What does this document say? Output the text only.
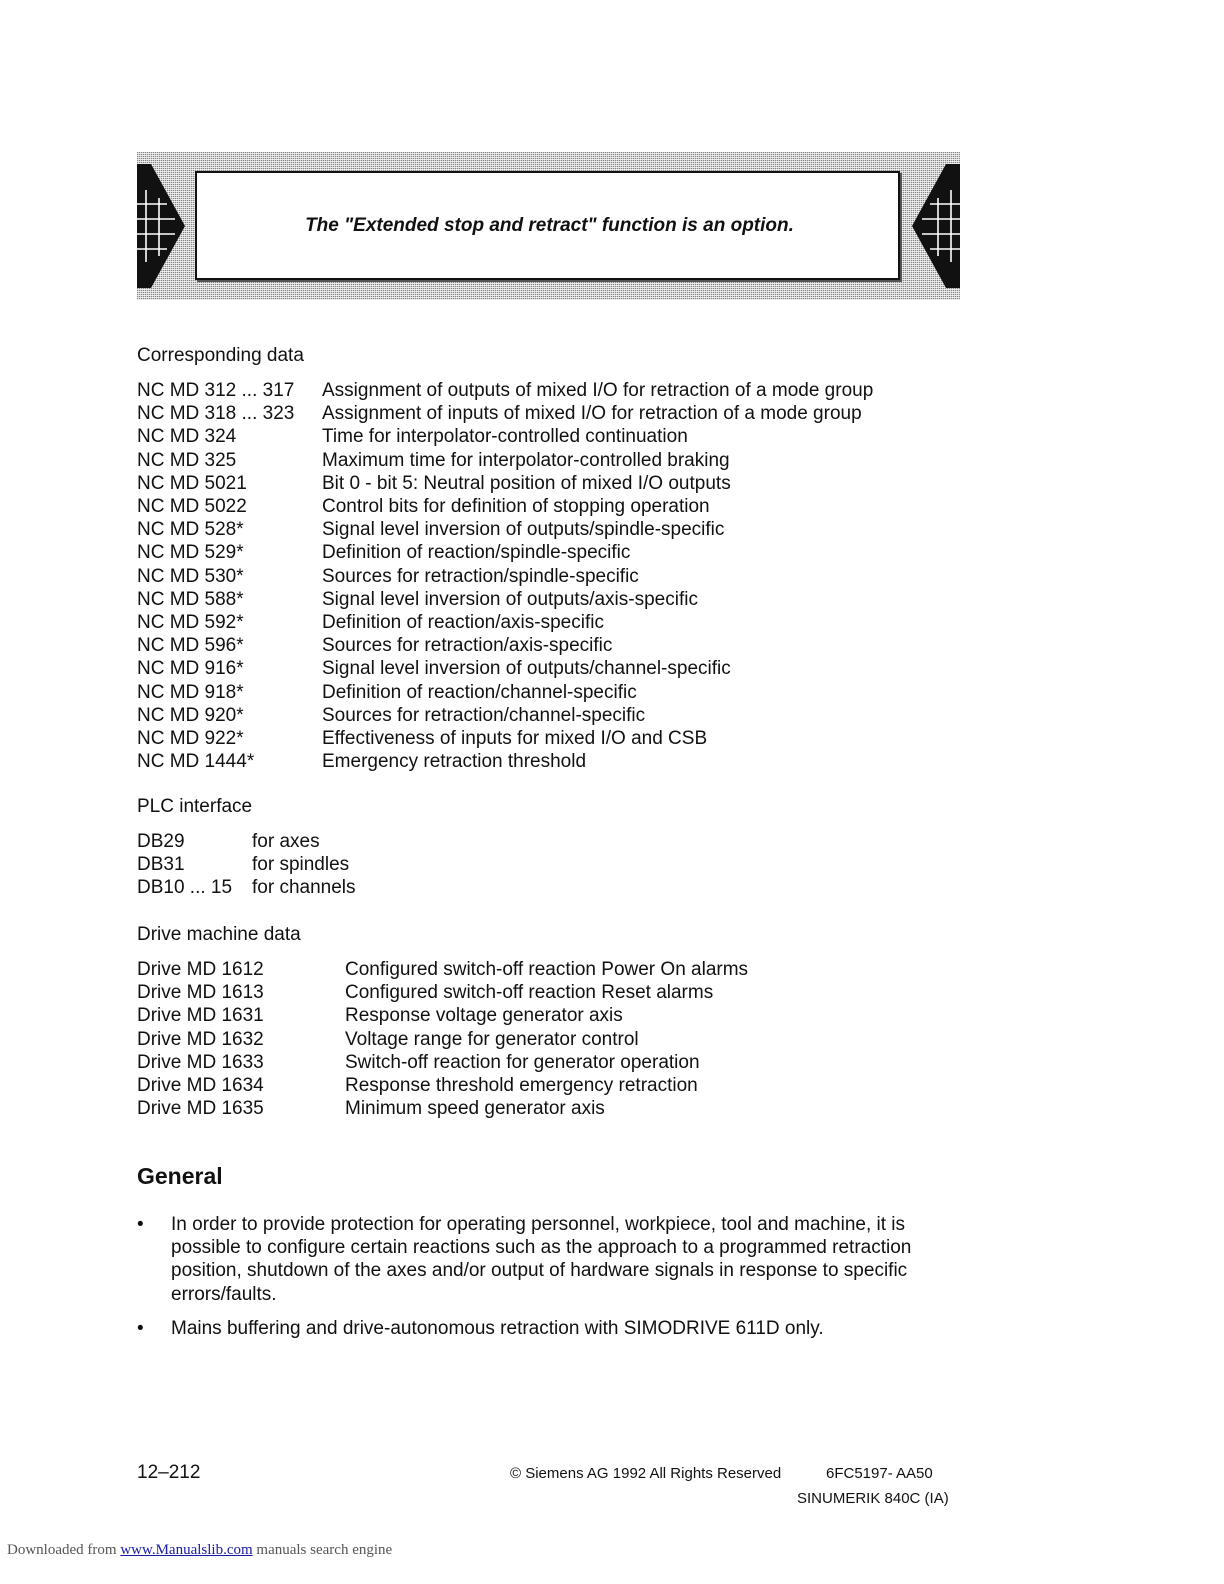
The "Extended stop and retract" function is an option.
Corresponding data
NC MD 312 ... 317	Assignment of outputs of mixed I/O for retraction of a mode group
NC MD 318 ... 323	Assignment of inputs of mixed I/O for retraction of a mode group
NC MD 324	Time for interpolator-controlled continuation
NC MD 325	Maximum time for interpolator-controlled braking
NC MD 5021	Bit 0 - bit 5: Neutral position of mixed I/O outputs
NC MD 5022	Control bits for definition of stopping operation
NC MD 528*	Signal level inversion of outputs/spindle-specific
NC MD 529*	Definition of reaction/spindle-specific
NC MD 530*	Sources for retraction/spindle-specific
NC MD 588*	Signal level inversion of outputs/axis-specific
NC MD 592*	Definition of reaction/axis-specific
NC MD 596*	Sources for retraction/axis-specific
NC MD 916*	Signal level inversion of outputs/channel-specific
NC MD 918*	Definition of reaction/channel-specific
NC MD 920*	Sources for retraction/channel-specific
NC MD 922*	Effectiveness of inputs for mixed I/O and CSB
NC MD 1444*	Emergency retraction threshold
PLC interface
DB29	for axes
DB31	for spindles
DB10 ... 15	for channels
Drive machine data
Drive MD 1612	Configured switch-off reaction Power On alarms
Drive MD 1613	Configured switch-off reaction Reset alarms
Drive MD 1631	Response voltage generator axis
Drive MD 1632	Voltage range for generator control
Drive MD 1633	Switch-off reaction for generator operation
Drive MD 1634	Response threshold emergency retraction
Drive MD 1635	Minimum speed generator axis
General
•	In order to provide protection for operating personnel, workpiece, tool and machine, it is possible to configure certain reactions such as the approach to a programmed retraction position, shutdown of the axes and/or output of hardware signals in response to specific errors/faults.
•	Mains buffering and drive-autonomous retraction with SIMODRIVE 611D only.
12–212	© Siemens AG 1992 All Rights Reserved	6FC5197- AA50
SINUMERIK 840C (IA)
Downloaded from www.Manualslib.com manuals search engine
